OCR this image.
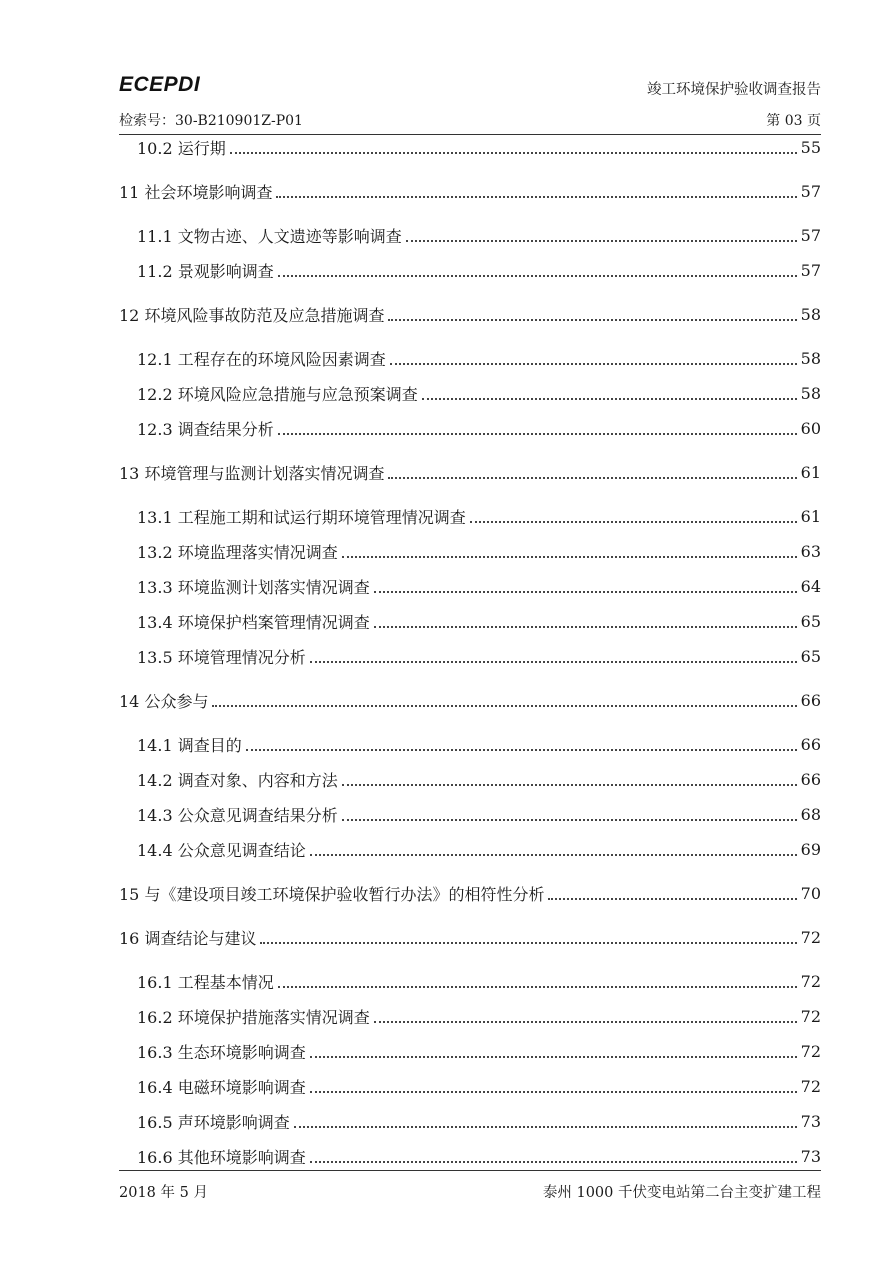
ECEPDI	竣工环境保护验收调查报告
检索号：30-B210901Z-P01	第 03 页
10.2 运行期	55
11 社会环境影响调查	57
11.1 文物古迹、人文遗迹等影响调查	57
11.2 景观影响调查	57
12 环境风险事故防范及应急措施调查	58
12.1 工程存在的环境风险因素调查	58
12.2 环境风险应急措施与应急预案调查	58
12.3 调查结果分析	60
13 环境管理与监测计划落实情况调查	61
13.1 工程施工期和试运行期环境管理情况调查	61
13.2 环境监理落实情况调查	63
13.3 环境监测计划落实情况调查	64
13.4 环境保护档案管理情况调查	65
13.5 环境管理情况分析	65
14 公众参与	66
14.1 调查目的	66
14.2 调查对象、内容和方法	66
14.3 公众意见调查结果分析	68
14.4 公众意见调查结论	69
15 与《建设项目竣工环境保护验收暂行办法》的相符性分析	70
16 调查结论与建议	72
16.1 工程基本情况	72
16.2 环境保护措施落实情况调查	72
16.3 生态环境影响调查	72
16.4 电磁环境影响调查	72
16.5 声环境影响调查	73
16.6 其他环境影响调查	73
2018 年 5 月	泰州 1000 千伏变电站第二台主变扩建工程
